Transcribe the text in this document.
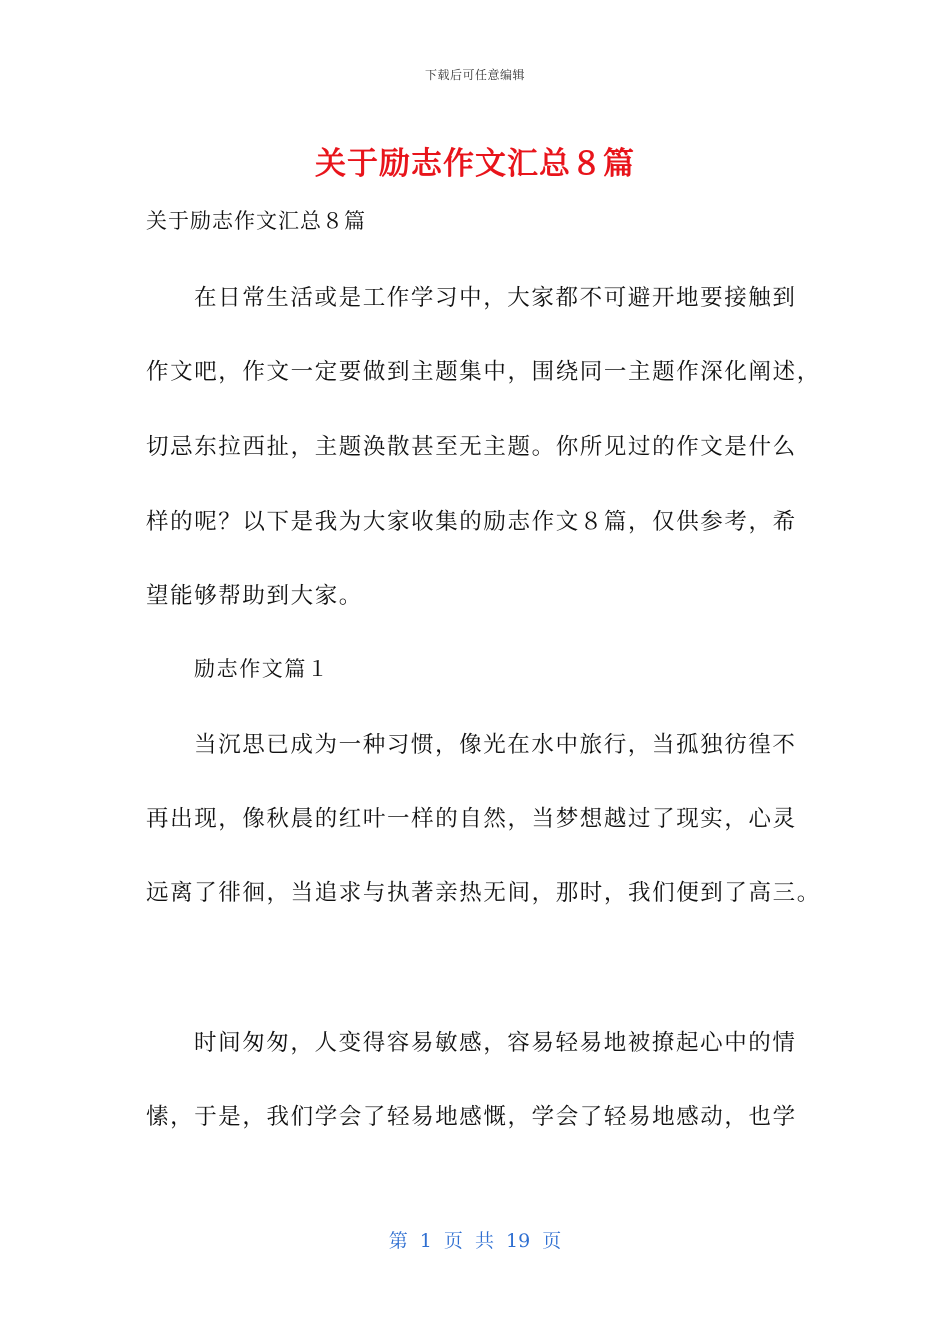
下载后可任意编辑
关于励志作文汇总８篇
关于励志作文汇总８篇
在日常生活或是工作学习中，大家都不可避开地要接触到
作文吧，作文一定要做到主题集中，围绕同一主题作深化阐述，
切忌东拉西扯，主题涣散甚至无主题。你所见过的作文是什么
样的呢？以下是我为大家收集的励志作文８篇，仅供参考，希
望能够帮助到大家。
励志作文篇１
当沉思已成为一种习惯，像光在水中旅行，当孤独彷徨不
再出现，像秋晨的红叶一样的自然，当梦想越过了现实，心灵
远离了徘徊，当追求与执著亲热无间，那时，我们便到了高三。
时间匆匆，人变得容易敏感，容易轻易地被撩起心中的情
愫，于是，我们学会了轻易地感慨，学会了轻易地感动，也学
第 1 页 共 19 页
